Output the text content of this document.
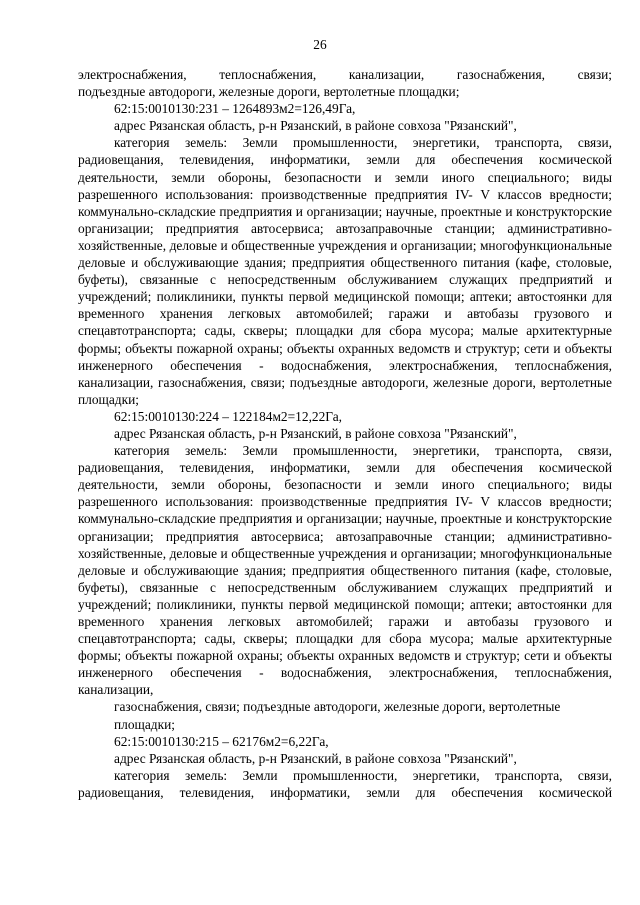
26

электроснабжения, теплоснабжения, канализации, газоснабжения, связи;

подъездные автодороги, железные дороги, вертолетные площадки;

62:15:0010130:231 – 1264893м2=126,49Га,

адрес Рязанская область, р-н Рязанский, в районе совхоза "Рязанский",

категория земель: Земли промышленности, энергетики, транспорта, связи, радиовещания, телевидения, информатики, земли для обеспечения космической деятельности, земли обороны, безопасности и земли иного специального; виды разрешенного использования: производственные предприятия IV- V классов вредности; коммунально-складские предприятия и организации; научные, проектные и конструкторские организации; предприятия автосервиса; автозаправочные станции; административно-хозяйственные, деловые и общественные учреждения и организации; многофункциональные деловые и обслуживающие здания; предприятия общественного питания (кафе, столовые, буфеты), связанные с непосредственным обслуживанием служащих предприятий и учреждений; поликлиники, пункты первой медицинской помощи; аптеки; автостоянки для временного хранения легковых автомобилей; гаражи и автобазы грузового и спецавтотранспорта; сады, скверы; площадки для сбора мусора; малые архитектурные формы; объекты пожарной охраны; объекты охранных ведомств и структур; сети и объекты инженерного обеспечения - водоснабжения, электроснабжения, теплоснабжения, канализации, газоснабжения, связи; подъездные автодороги, железные дороги, вертолетные площадки;

62:15:0010130:224 – 122184м2=12,22Га,

адрес Рязанская область, р-н Рязанский, в районе совхоза "Рязанский",

категория земель: Земли промышленности, энергетики, транспорта, связи, радиовещания, телевидения, информатики, земли для обеспечения космической деятельности, земли обороны, безопасности и земли иного специального; виды разрешенного использования: производственные предприятия IV- V классов вредности; коммунально-складские предприятия и организации; научные, проектные и конструкторские организации; предприятия автосервиса; автозаправочные станции; административно-хозяйственные, деловые и общественные учреждения и организации; многофункциональные деловые и обслуживающие здания; предприятия общественного питания (кафе, столовые, буфеты), связанные с непосредственным обслуживанием служащих предприятий и учреждений; поликлиники, пункты первой медицинской помощи; аптеки; автостоянки для временного хранения легковых автомобилей; гаражи и автобазы грузового и спецавтотранспорта; сады, скверы; площадки для сбора мусора; малые архитектурные формы; объекты пожарной охраны; объекты охранных ведомств и структур; сети и объекты инженерного обеспечения - водоснабжения, электроснабжения, теплоснабжения, канализации,

газоснабжения, связи; подъездные автодороги, железные дороги, вертолетные

площадки;

62:15:0010130:215 – 62176м2=6,22Га,

адрес Рязанская область, р-н Рязанский, в районе совхоза "Рязанский",

категория земель: Земли промышленности, энергетики, транспорта, связи, радиовещания, телевидения, информатики, земли для обеспечения космической
